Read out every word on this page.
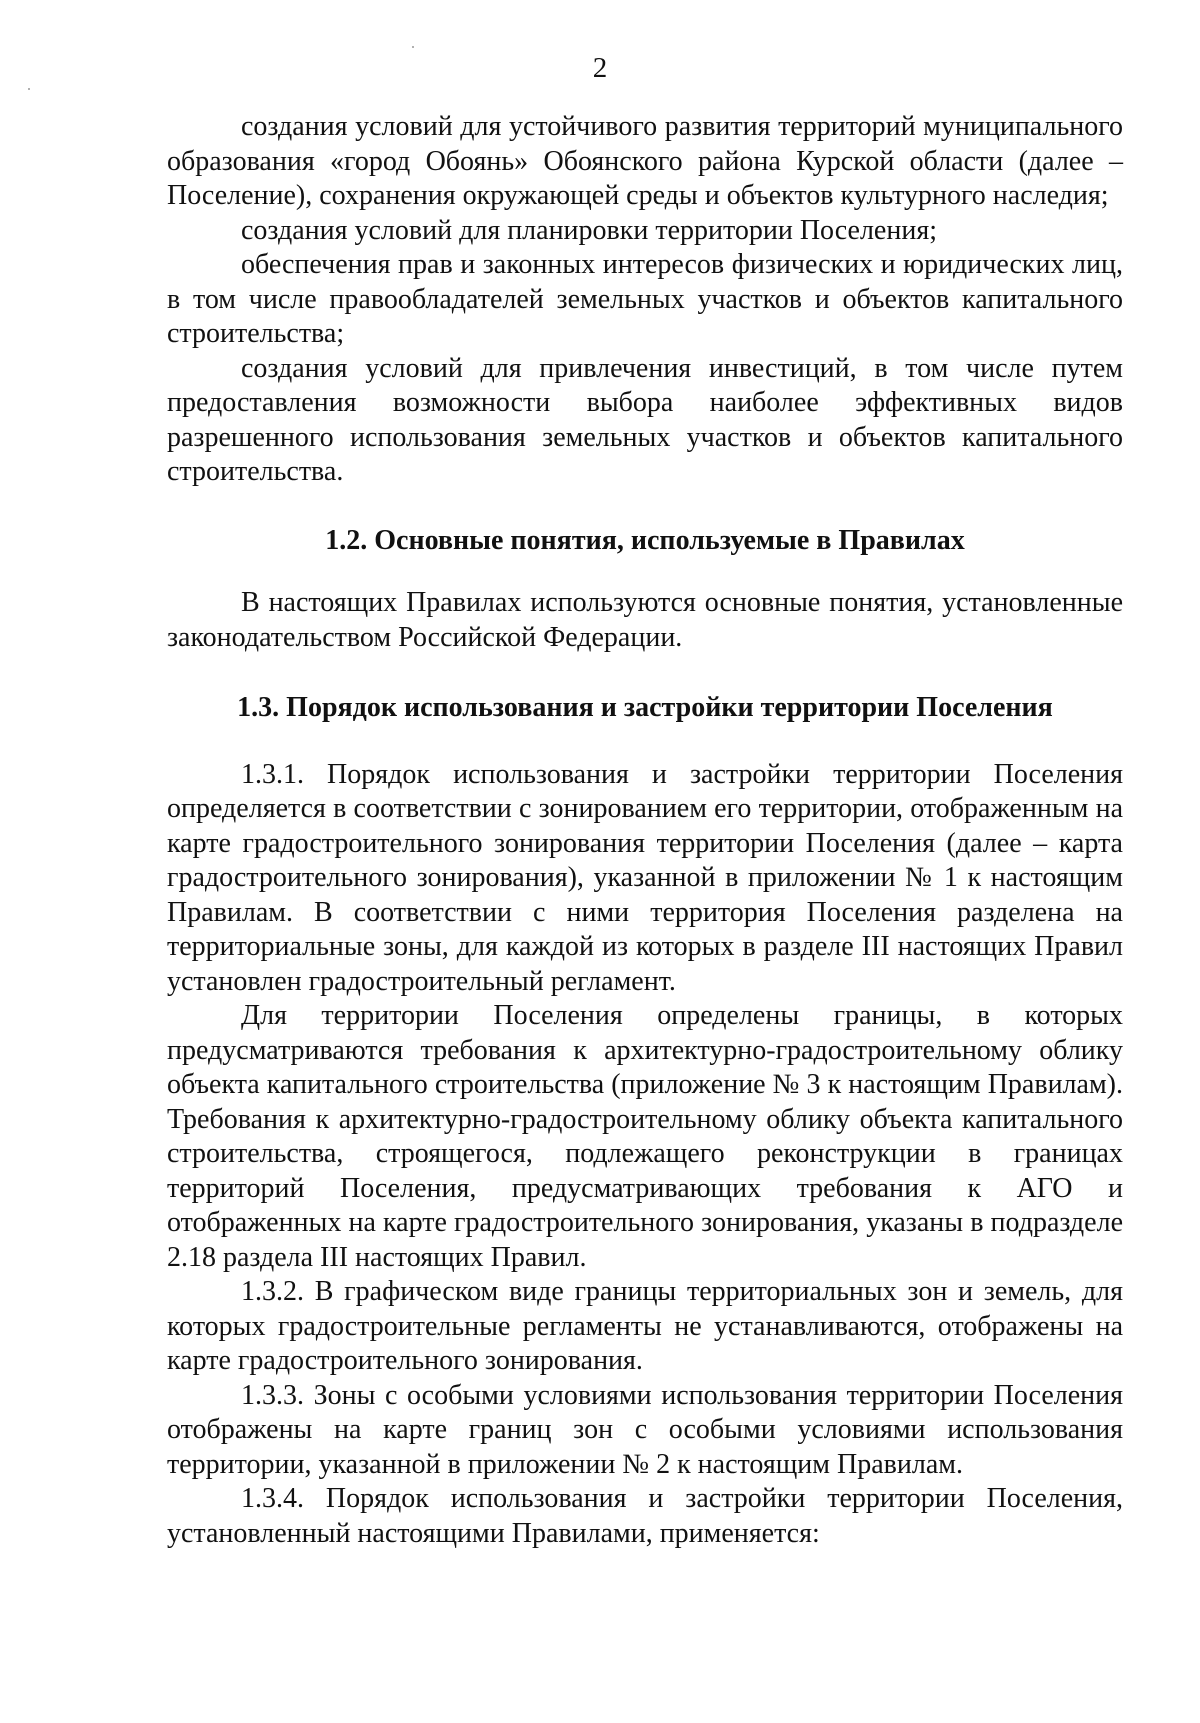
2

создания условий для устойчивого развития территорий муниципального образования «город Обоянь» Обоянского района Курской области (далее – Поселение), сохранения окружающей среды и объектов культурного наследия;

создания условий для планировки территории Поселения;

обеспечения прав и законных интересов физических и юридических лиц, в том числе правообладателей земельных участков и объектов капитального строительства;

создания условий для привлечения инвестиций, в том числе путем предоставления возможности выбора наиболее эффективных видов разрешенного использования земельных участков и объектов капитального строительства.

1.2. Основные понятия, используемые в Правилах

В настоящих Правилах используются основные понятия, установленные законодательством Российской Федерации.

1.3. Порядок использования и застройки территории Поселения

1.3.1. Порядок использования и застройки территории Поселения определяется в соответствии с зонированием его территории, отображенным на карте градостроительного зонирования территории Поселения (далее – карта градостроительного зонирования), указанной в приложении № 1 к настоящим Правилам. В соответствии с ними территория Поселения разделена на территориальные зоны, для каждой из которых в разделе III настоящих Правил установлен градостроительный регламент.

Для территории Поселения определены границы, в которых предусматриваются требования к архитектурно-градостроительному облику объекта капитального строительства (приложение № 3 к настоящим Правилам). Требования к архитектурно-градостроительному облику объекта капитального строительства, строящегося, подлежащего реконструкции в границах территорий Поселения, предусматривающих требования к АГО и отображенных на карте градостроительного зонирования, указаны в подразделе 2.18 раздела III настоящих Правил.

1.3.2. В графическом виде границы территориальных зон и земель, для которых градостроительные регламенты не устанавливаются, отображены на карте градостроительного зонирования.

1.3.3. Зоны с особыми условиями использования территории Поселения отображены на карте границ зон с особыми условиями использования территории, указанной в приложении № 2 к настоящим Правилам.

1.3.4. Порядок использования и застройки территории Поселения, установленный настоящими Правилами, применяется:
